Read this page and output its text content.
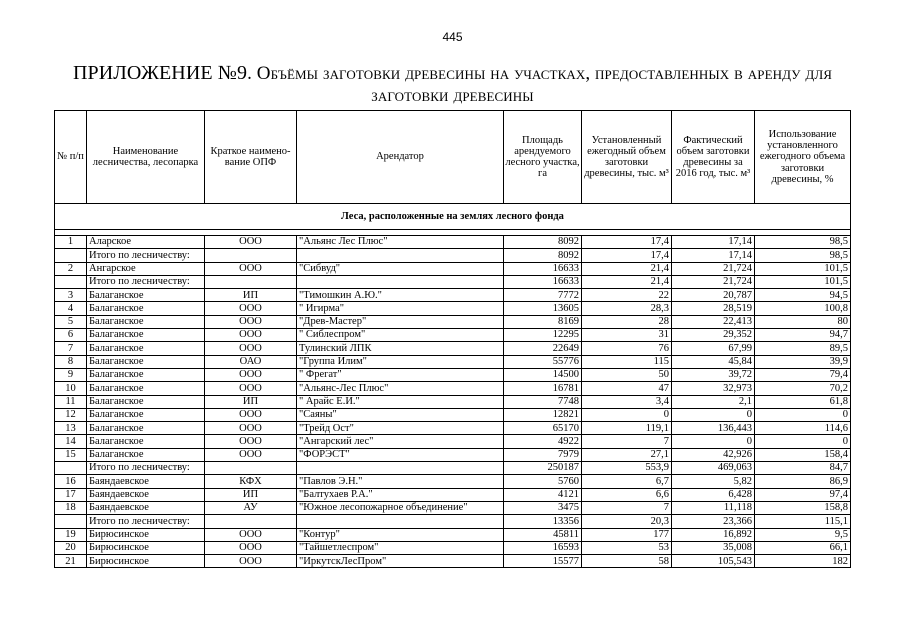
445
ПРИЛОЖЕНИЕ №9. Объёмы заготовки древесины на участках, предоставленных в аренду для заготовки древесины
№ п/п	Наименование лесничества, лесопарка	Краткое наимено-вание ОПФ	Арендатор	Площадь арендуемого лесного участка, га	Установленный ежегодный объем заготовки древесины, тыс. м³	Фактический объем заготовки древесины за 2016 год, тыс. м³	Использование установленного ежегодного объема заготовки древесины, %
Леса, расположенные на землях лесного фонда							

1	Аларское	ООО	"Альянс Лес Плюс"	8092	17,4	17,14	98,5
	Итого по лесничеству:			8092	17,4	17,14	98,5
2	Ангарское	ООО	"Сибвуд"	16633	21,4	21,724	101,5
	Итого по лесничеству:			16633	21,4	21,724	101,5
3	Балаганское	ИП	"Тимошкин А.Ю."	7772	22	20,787	94,5
4	Балаганское	ООО	" Игирма"	13605	28,3	28,519	100,8
5	Балаганское	ООО	"Древ-Мастер"	8169	28	22,413	80
6	Балаганское	ООО	" Сиблеспром"	12295	31	29,352	94,7
7	Балаганское	ООО	Тулинский ЛПК	22649	76	67,99	89,5
8	Балаганское	ОАО	"Группа Илим"	55776	115	45,84	39,9
9	Балаганское	ООО	" Фрегат"	14500	50	39,72	79,4
10	Балаганское	ООО	"Альянс-Лес Плюс"	16781	47	32,973	70,2
11	Балаганское	ИП	" Арайс Е.И."	7748	3,4	2,1	61,8
12	Балаганское	ООО	"Саяны"	12821	0	0	0
13	Балаганское	ООО	"Трейд Ост"	65170	119,1	136,443	114,6
14	Балаганское	ООО	"Ангарский лес"	4922	7	0	0
15	Балаганское	ООО	"ФОРЭСТ"	7979	27,1	42,926	158,4
	Итого по лесничеству:			250187	553,9	469,063	84,7
16	Баяндаевское	КФХ	"Павлов Э.Н."	5760	6,7	5,82	86,9
17	Баяндаевское	ИП	"Балтухаев Р.А."	4121	6,6	6,428	97,4
18	Баяндаевское	АУ	"Южное лесопожарное объединение"	3475	7	11,118	158,8
	Итого по лесничеству:			13356	20,3	23,366	115,1
19	Бирюсинское	ООО	"Контур"	45811	177	16,892	9,5
20	Бирюсинское	ООО	"Тайшетлеспром"	16593	53	35,008	66,1
21	Бирюсинское	ООО	"ИркутскЛесПром"	15577	58	105,543	182
